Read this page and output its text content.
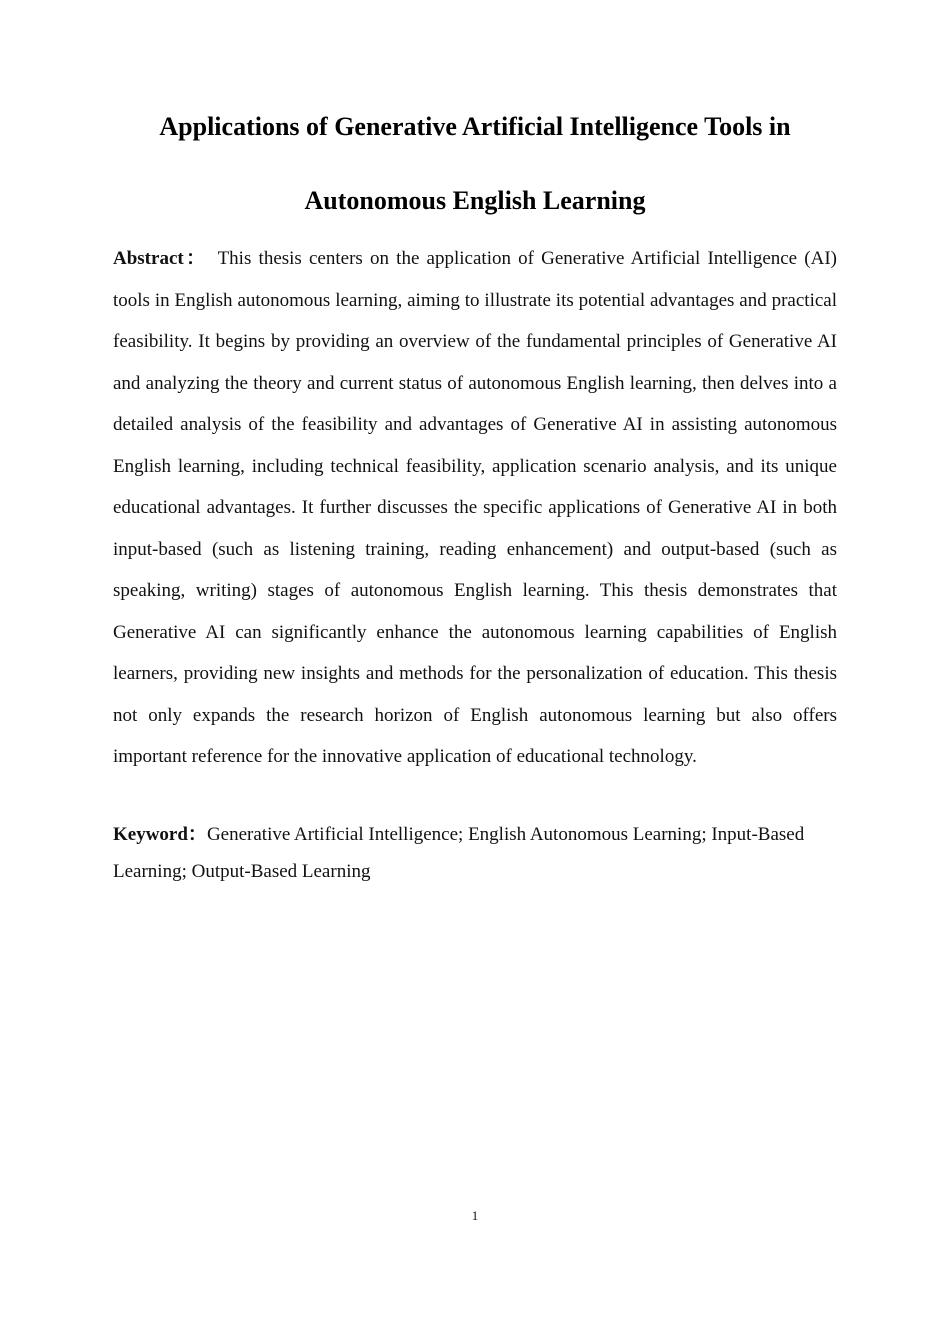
Applications of Generative Artificial Intelligence Tools in
Autonomous English Learning

Abstract： This thesis centers on the application of Generative Artificial Intelligence (AI) tools in English autonomous learning, aiming to illustrate its potential advantages and practical feasibility. It begins by providing an overview of the fundamental principles of Generative AI and analyzing the theory and current status of autonomous English learning, then delves into a detailed analysis of the feasibility and advantages of Generative AI in assisting autonomous English learning, including technical feasibility, application scenario analysis, and its unique educational advantages. It further discusses the specific applications of Generative AI in both input-based (such as listening training, reading enhancement) and output-based (such as speaking, writing) stages of autonomous English learning. This thesis demonstrates that Generative AI can significantly enhance the autonomous learning capabilities of English learners, providing new insights and methods for the personalization of education. This thesis not only expands the research horizon of English autonomous learning but also offers important reference for the innovative application of educational technology.

Keyword：Generative Artificial Intelligence; English Autonomous Learning; Input-Based Learning; Output-Based Learning

1
